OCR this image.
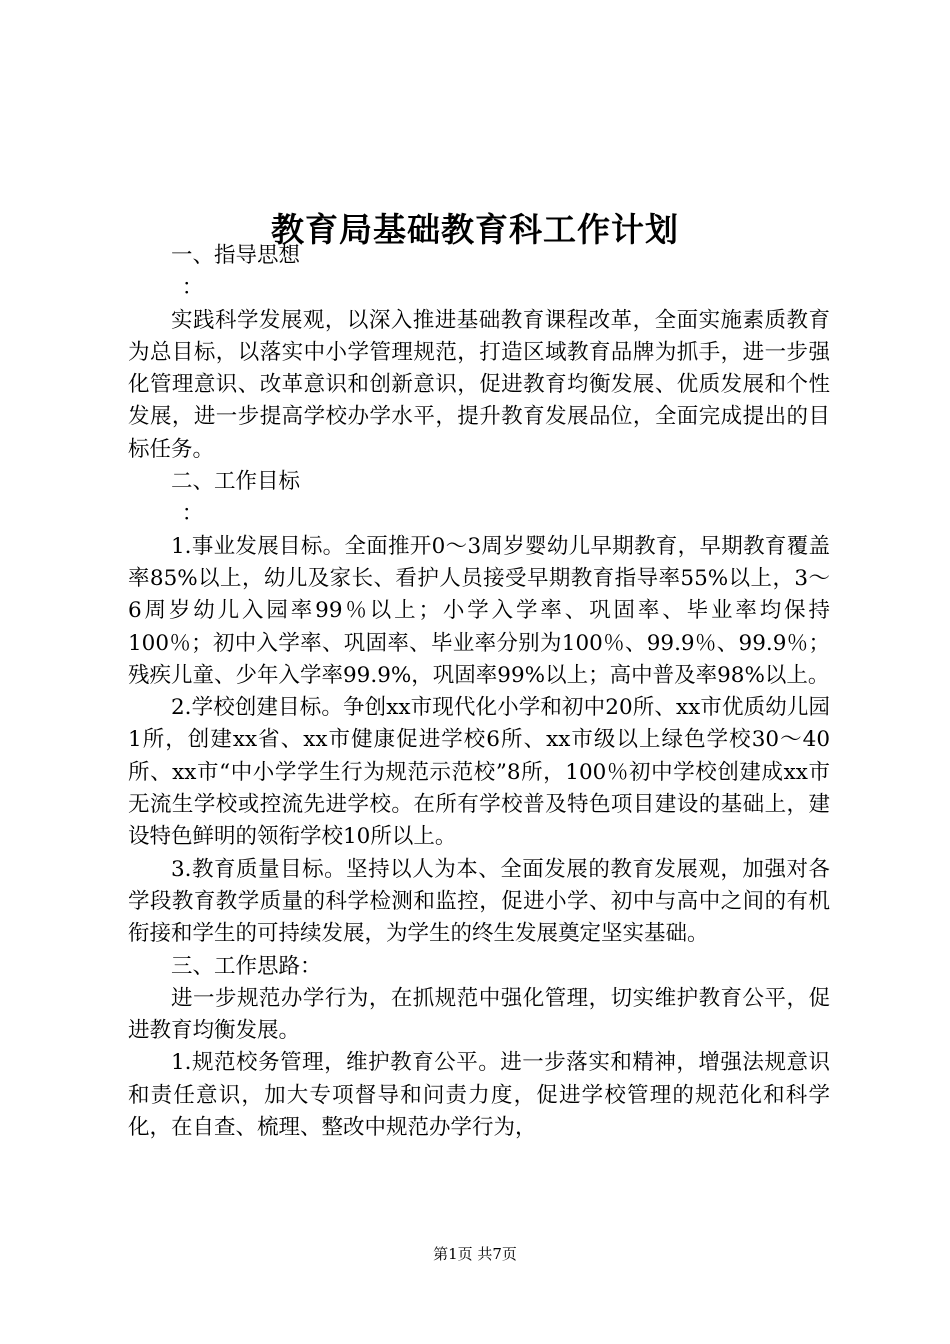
教育局基础教育科工作计划

一、指导思想

：

实践科学发展观，以深入推进基础教育课程改革，全面实施素质教育为总目标，以落实中小学管理规范，打造区域教育品牌为抓手，进一步强化管理意识、改革意识和创新意识，促进教育均衡发展、优质发展和个性发展，进一步提高学校办学水平，提升教育发展品位，全面完成提出的目标任务。

二、工作目标

：

1.事业发展目标。全面推开0～3周岁婴幼儿早期教育，早期教育覆盖率85%以上，幼儿及家长、看护人员接受早期教育指导率55%以上，3～6周岁幼儿入园率99％以上；小学入学率、巩固率、毕业率均保持100％；初中入学率、巩固率、毕业率分别为100％、99.9％、99.9％；残疾儿童、少年入学率99.9%，巩固率99%以上；高中普及率98%以上。

2.学校创建目标。争创xx市现代化小学和初中20所、xx市优质幼儿园1所，创建xx省、xx市健康促进学校6所、xx市级以上绿色学校30～40所、xx市“中小学学生行为规范示范校”8所，100％初中学校创建成xx市无流生学校或控流先进学校。在所有学校普及特色项目建设的基础上，建设特色鲜明的领衔学校10所以上。

3.教育质量目标。坚持以人为本、全面发展的教育发展观，加强对各学段教育教学质量的科学检测和监控，促进小学、初中与高中之间的有机衔接和学生的可持续发展，为学生的终生发展奠定坚实基础。

三、工作思路：

进一步规范办学行为，在抓规范中强化管理，切实维护教育公平，促进教育均衡发展。

1.规范校务管理，维护教育公平。进一步落实和精神，增强法规意识和责任意识，加大专项督导和问责力度，促进学校管理的规范化和科学化，在自查、梳理、整改中规范办学行为，

第1页 共7页
